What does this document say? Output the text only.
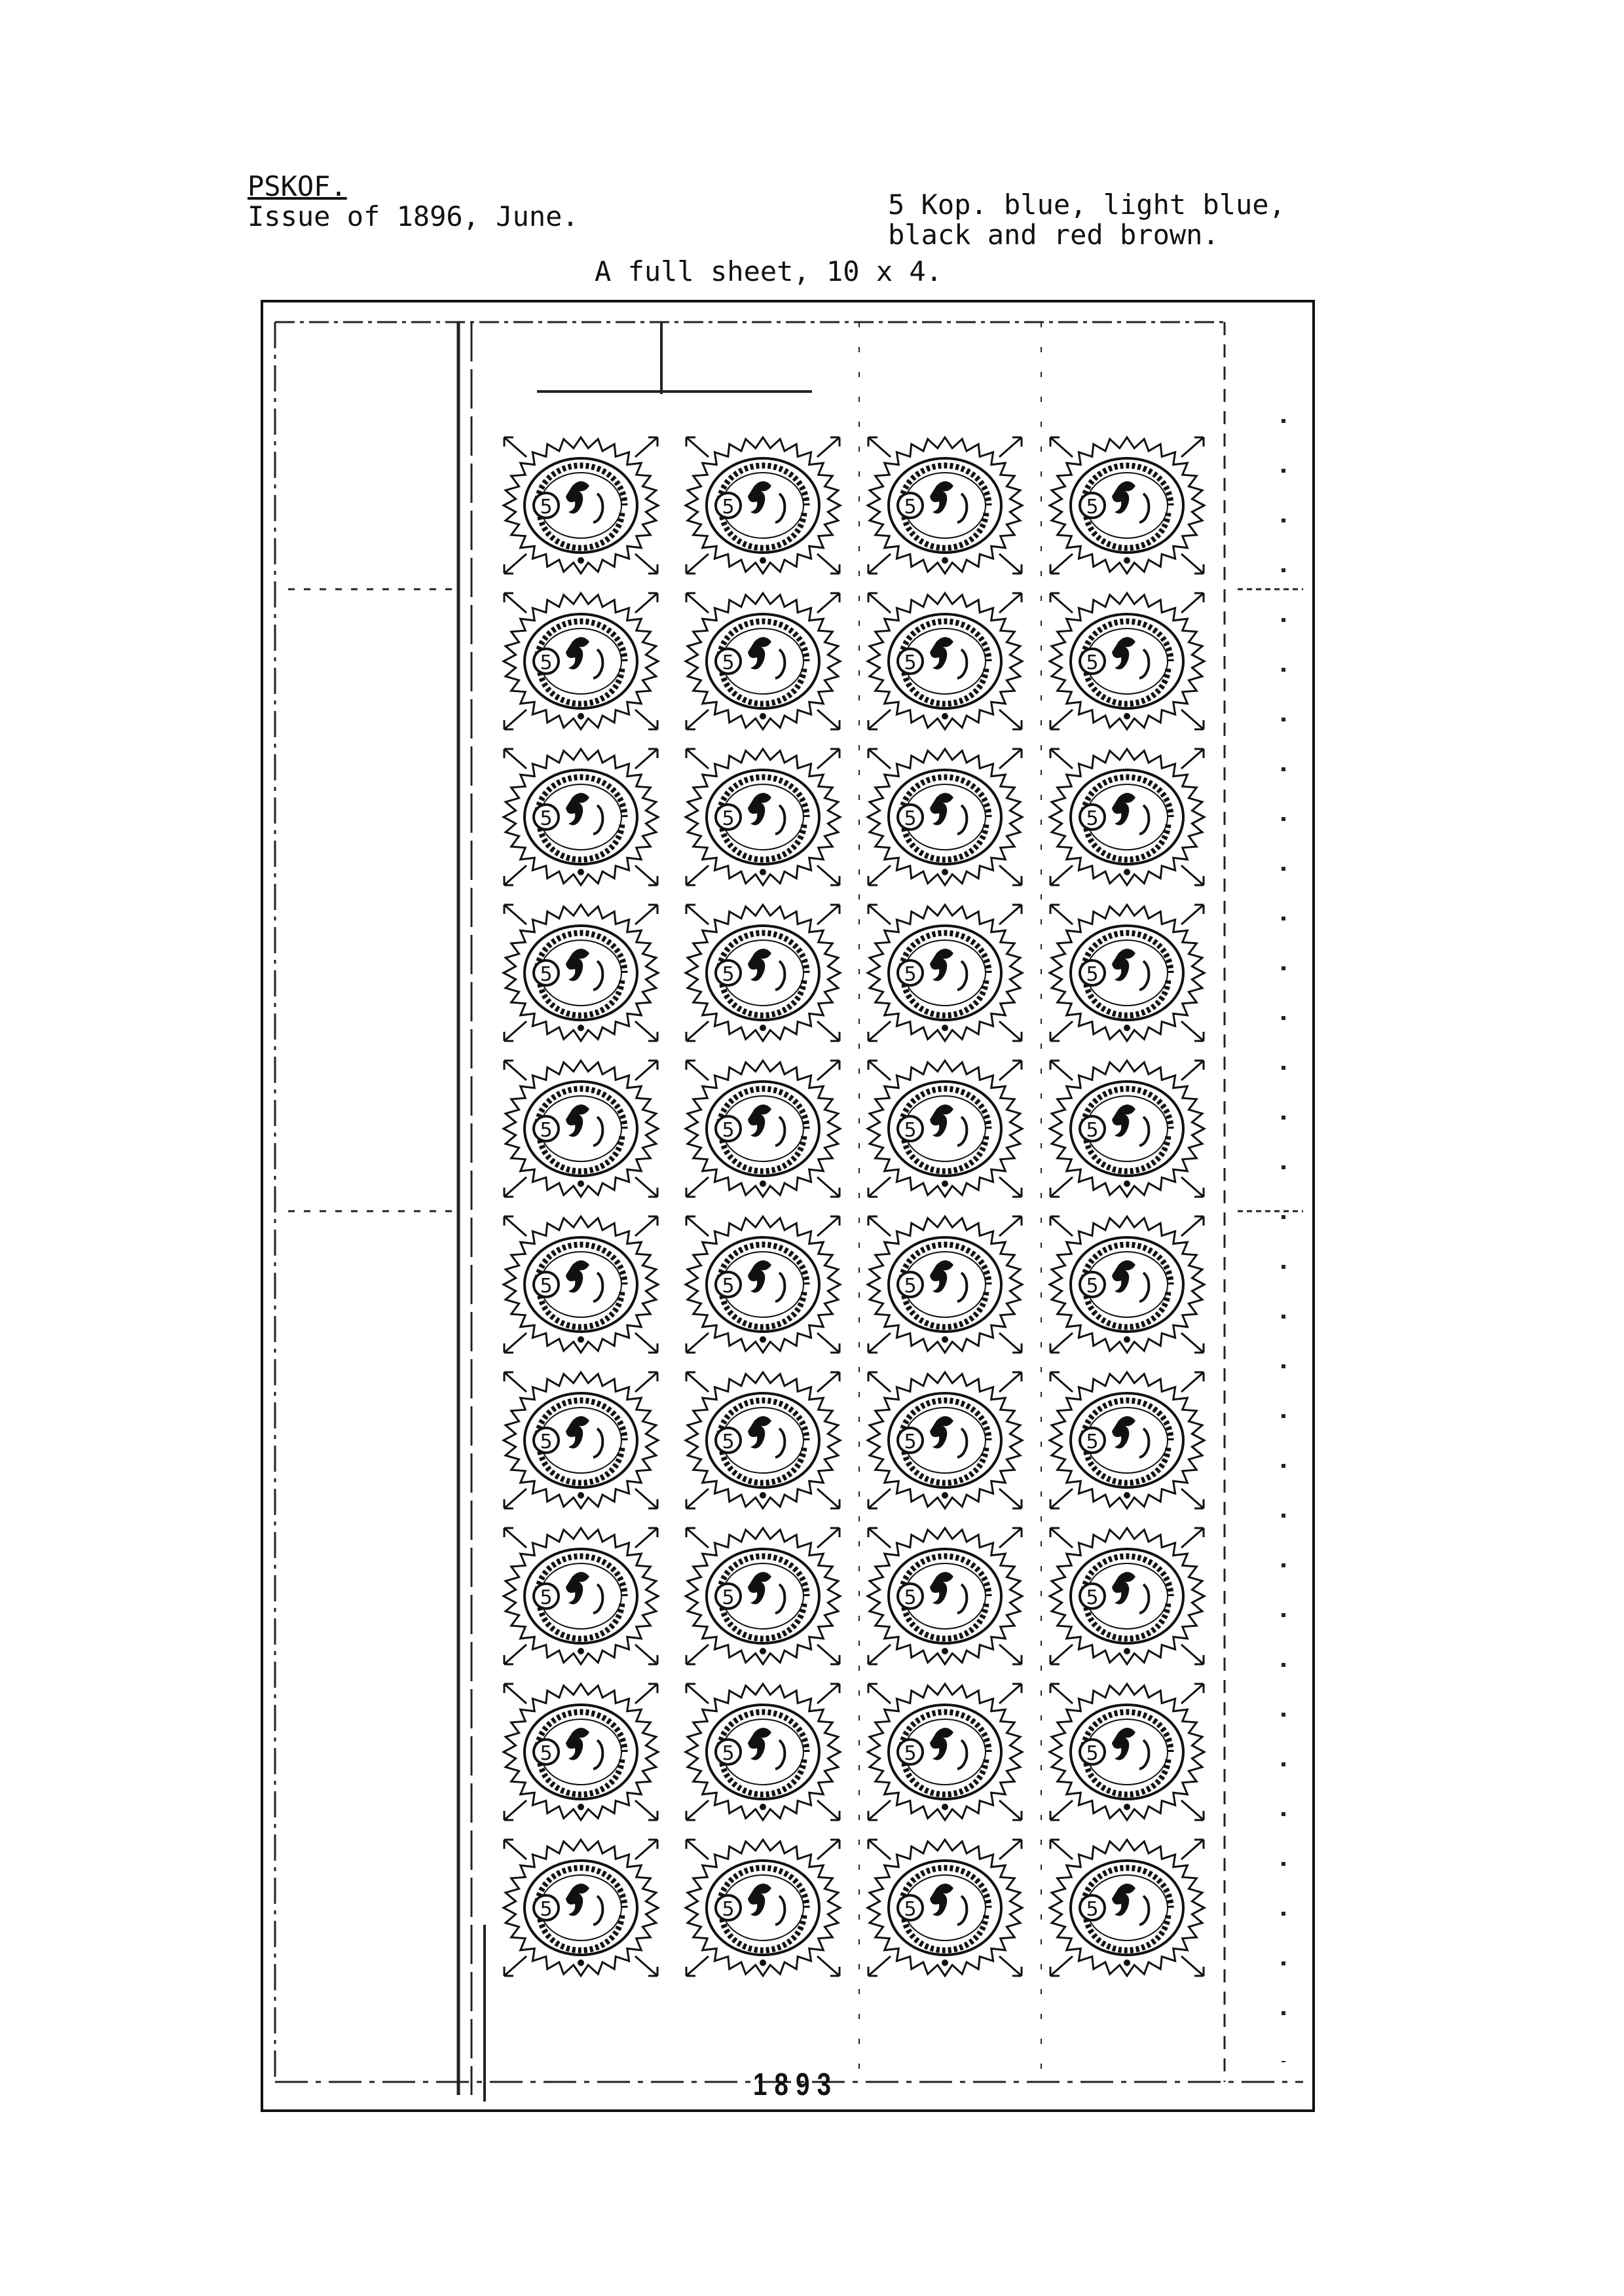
PSKOF.
Issue of 1896, June.	5 Kop. blue, light blue,
black and red brown.
A full sheet, 10 x 4.
5	5	5	5
5	5	5	5
5	5	5	5
5	5	5	5
5	5	5	5
5	5	5	5
5	5	5	5
5	5	5	5
5	5	5	5
5	5	5	5
1893
